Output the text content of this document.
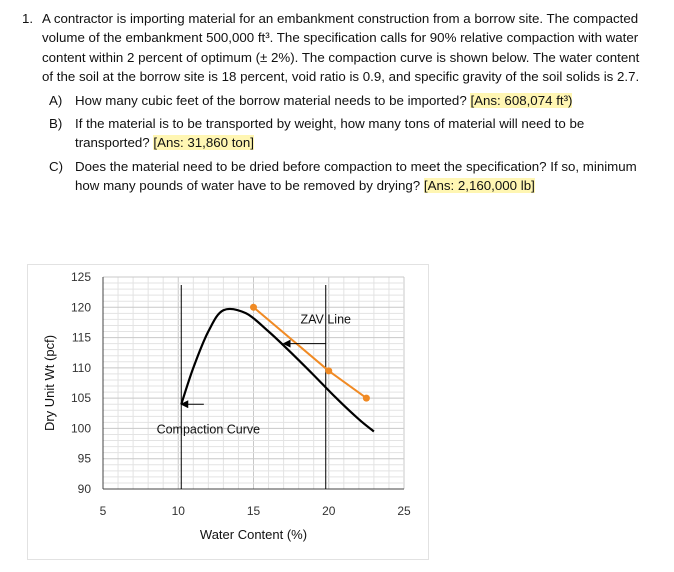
1. A contractor is importing material for an embankment construction from a borrow site. The compacted volume of the embankment 500,000 ft³. The specification calls for 90% relative compaction with water content within 2 percent of optimum (± 2%). The compaction curve is shown below. The water content of the soil at the borrow site is 18 percent, void ratio is 0.9, and specific gravity of the soil solids is 2.7.
A) How many cubic feet of the borrow material needs to be imported? [Ans: 608,074 ft³)
B) If the material is to be transported by weight, how many tons of material will need to be transported? [Ans: 31,860 ton]
C) Does the material need to be dried before compaction to meet the specification? If so, minimum how many pounds of water have to be removed by drying? [Ans: 2,160,000 lb]
5	10	15	20	25
90
95
100
105
110
115
120
125
Water Content (%)
Dry Unit Wt (pcf)
ZAV Line
Compaction Curve
